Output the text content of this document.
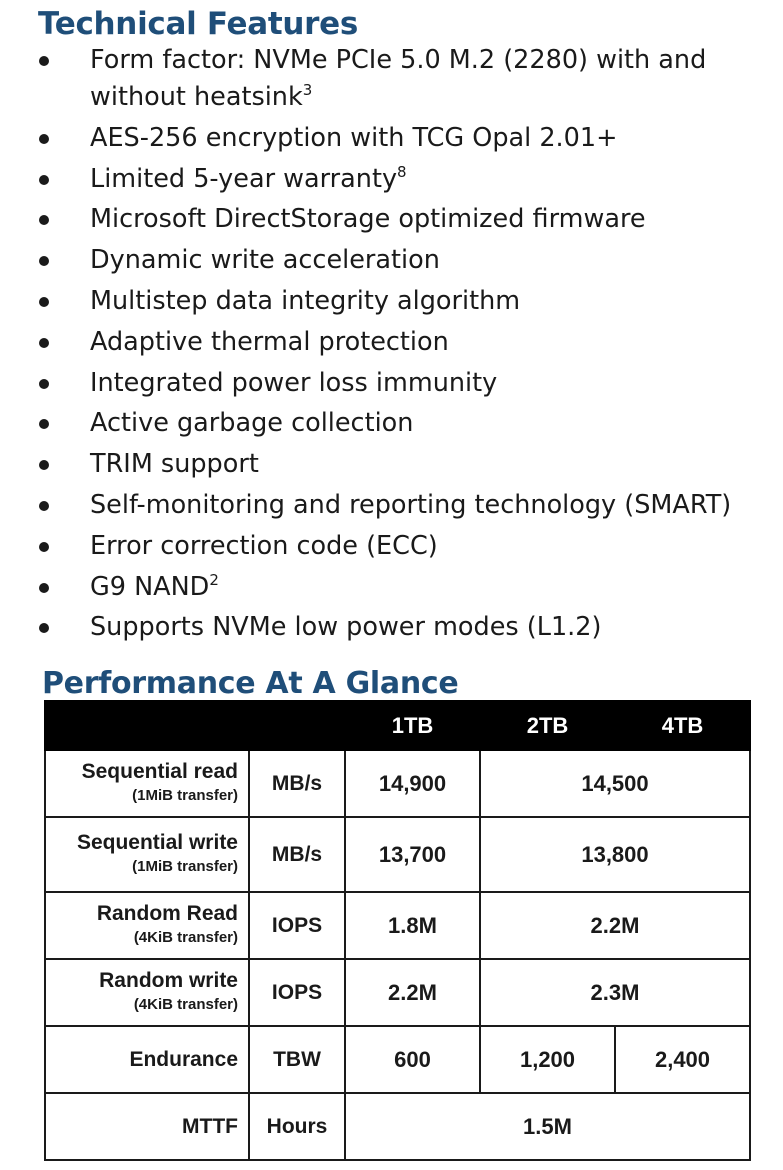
Technical Features
Form factor: NVMe PCIe 5.0 M.2 (2280) with and without heatsink$^3$
AES-256 encryption with TCG Opal 2.01+
Limited 5-year warranty$^8$
Microsoft DirectStorage optimized firmware
Dynamic write acceleration
Multistep data integrity algorithm
Adaptive thermal protection
Integrated power loss immunity
Active garbage collection
TRIM support
Self-monitoring and reporting technology (SMART)
Error correction code (ECC)
G9 NAND$^2$
Supports NVMe low power modes (L1.2)
Performance At A Glance
		1TB	2TB	4TB

Sequential read
(1MiB transfer)	MB/s	14,900	14,500	

Sequential write
(1MiB transfer)	MB/s	13,700	13,800	

Random Read
(4KiB transfer)	IOPS	1.8M	2.2M	

Random write
(4KiB transfer)	IOPS	2.2M	2.3M	

Endurance	TBW	600	1,200	2,400

MTTF	Hours	1.5M		
